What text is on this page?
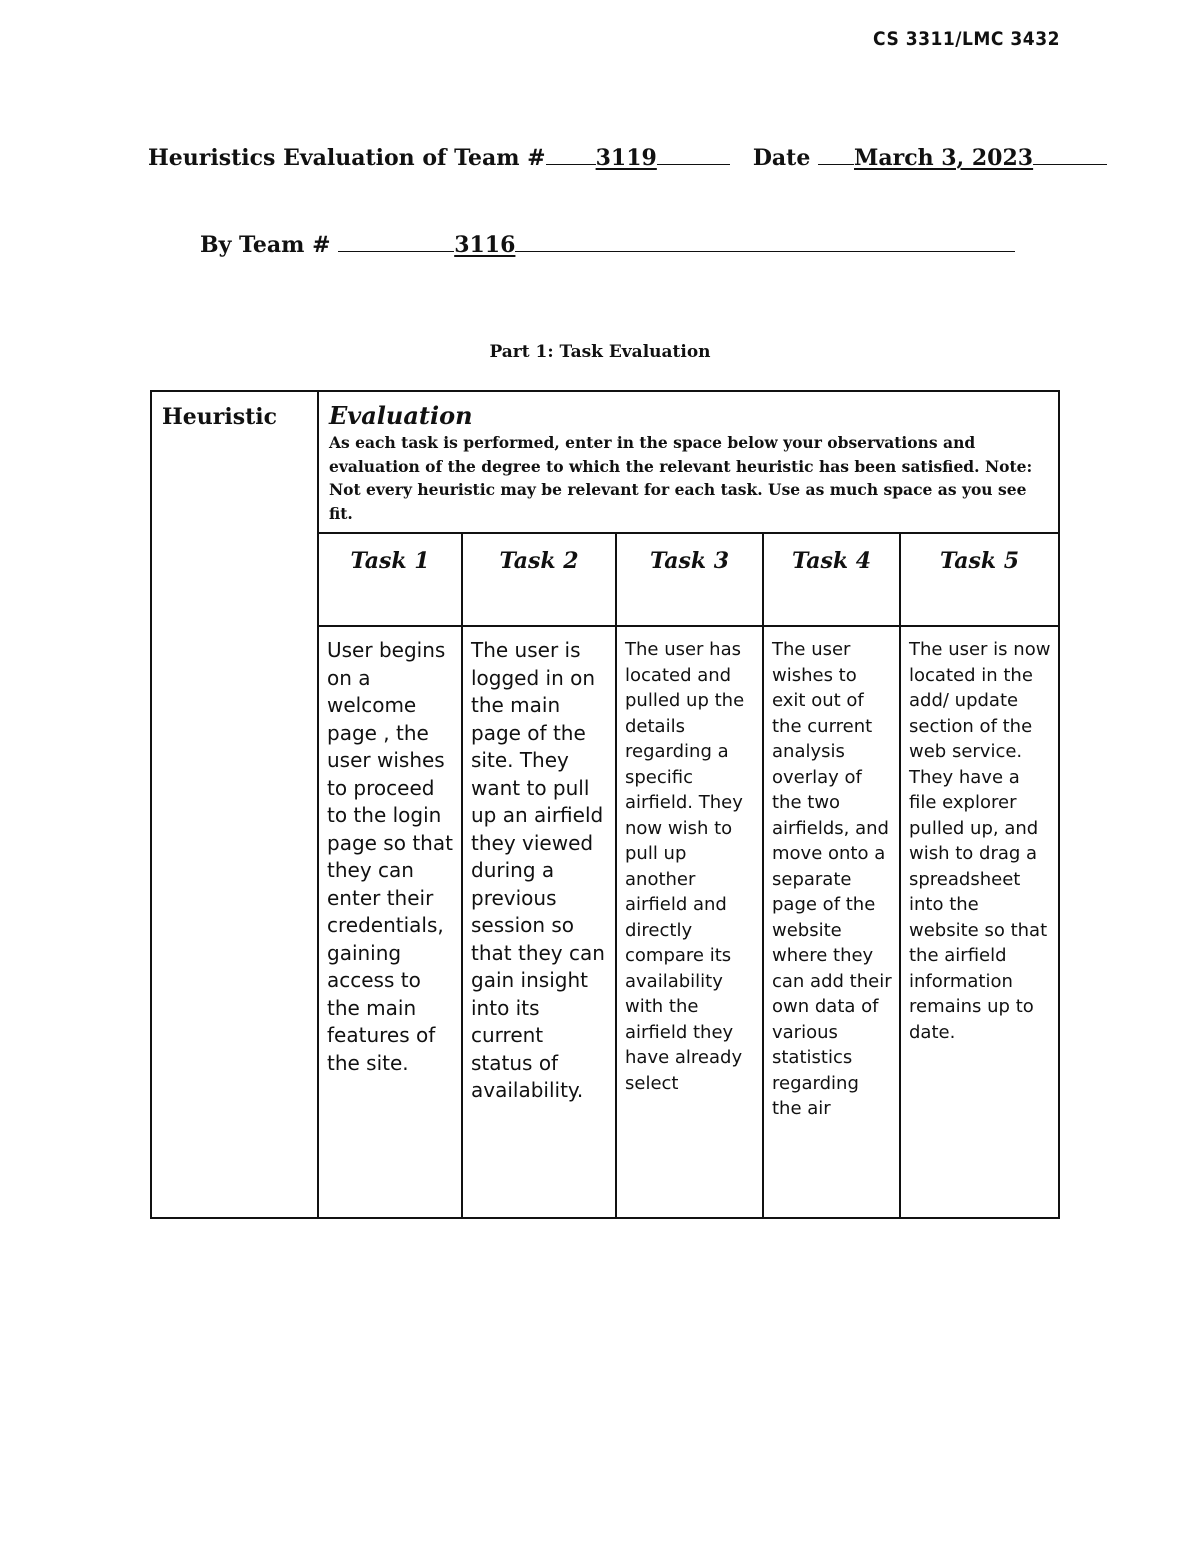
CS 3311/LMC 3432
Heuristics Evaluation of Team # 3119	Date March 3, 2023
By Team #	3116
Part 1: Task Evaluation
Heuristic	Evaluation
As each task is performed, enter in the space below your observations and evaluation of the degree to which the relevant heuristic has been satisfied. Note: Not every heuristic may be relevant for each task. Use as much space as you see fit.				

	Task 1	Task 2	Task 3	Task 4	Task 5
	User begins on a welcome page , the user wishes to proceed to the login page so that they can enter their credentials, gaining access to the main features of the site.	The user is logged in on the main page of the site. They want to pull up an airfield they viewed during a previous session so that they can gain insight into its current status of availability.	The user has located and pulled up the details regarding a specific airfield. They now wish to pull up another airfield and directly compare its availability with the airfield they have already select	The user wishes to exit out of the current analysis overlay of the two airfields, and move onto a separate page of the website where they can add their own data of various statistics regarding the air	The user is now located in the add/ update section of the web service. They have a file explorer pulled up, and wish to drag a spreadsheet into the website so that the airfield information remains up to date.
